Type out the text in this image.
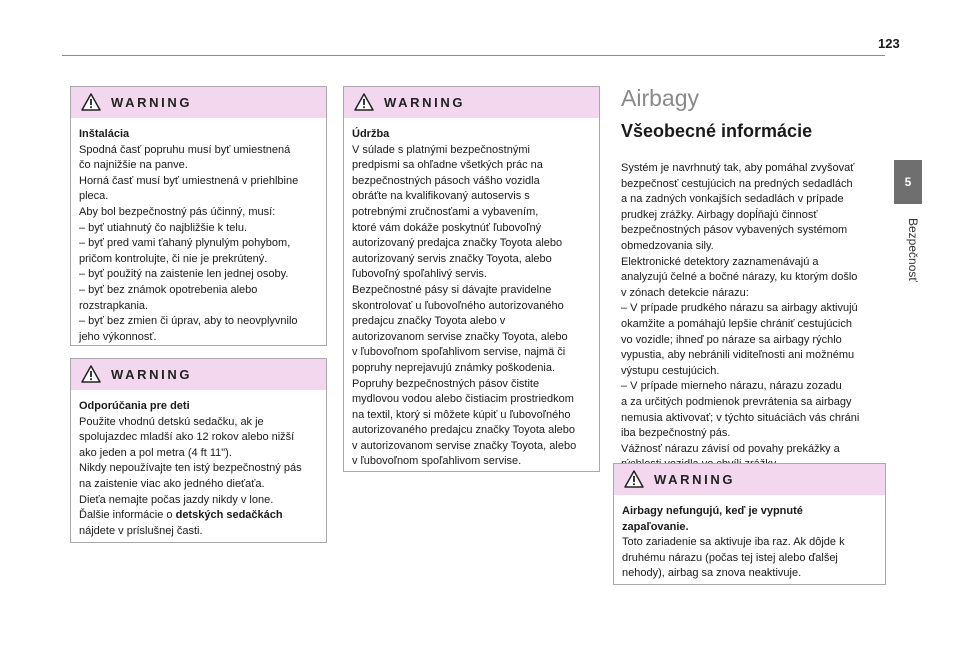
123
5
Bezpečnosť
WARNING

Inštalácia

Spodná časť popruhu musí byť umiestnená

čo najnižšie na panve.

Horná časť musí byť umiestnená v priehlbine

pleca.

Aby bol bezpečnostný pás účinný, musí:

– byť utiahnutý čo najbližšie k telu.

– byť pred vami ťahaný plynulým pohybom,

pričom kontrolujte, či nie je prekrútený.

– byť použitý na zaistenie len jednej osoby.

– byť bez známok opotrebenia alebo

rozstrapkania.

– byť bez zmien či úprav, aby to neovplyvnilo

jeho výkonnosť.

WARNING

Odporúčania pre deti

Použite vhodnú detskú sedačku, ak je

spolujazdec mladší ako 12 rokov alebo nižší

ako jeden a pol metra (4 ft 11").

Nikdy nepoužívajte ten istý bezpečnostný pás

na zaistenie viac ako jedného dieťaťa.

Dieťa nemajte počas jazdy nikdy v lone.

Ďalšie informácie o detských sedačkách

nájdete v príslušnej časti.

WARNING

Údržba

V súlade s platnými bezpečnostnými

predpismi sa ohľadne všetkých prác na

bezpečnostných pásoch vášho vozidla

obráťte na kvalifikovaný autoservis s

potrebnými zručnosťami a vybavením,

ktoré vám dokáže poskytnúť ľubovoľný

autorizovaný predajca značky Toyota alebo

autorizovaný servis značky Toyota, alebo

ľubovoľný spoľahlivý servis.

Bezpečnostné pásy si dávajte pravidelne

skontrolovať u ľubovoľného autorizovaného

predajcu značky Toyota alebo v

autorizovanom servise značky Toyota, alebo

v ľubovoľnom spoľahlivom servise, najmä či

popruhy neprejavujú známky poškodenia.

Popruhy bezpečnostných pásov čistite

mydlovou vodou alebo čistiacim prostriedkom

na textil, ktorý si môžete kúpiť u ľubovoľného

autorizovaného predajcu značky Toyota alebo

v autorizovanom servise značky Toyota, alebo

v ľubovoľnom spoľahlivom servise.

Airbagy
Všeobecné informácie

Systém je navrhnutý tak, aby pomáhal zvyšovať

bezpečnosť cestujúcich na predných sedadlách

a na zadných vonkajších sedadlách v prípade

prudkej zrážky. Airbagy dopĺňajú činnosť

bezpečnostných pásov vybavených systémom

obmedzovania sily.

Elektronické detektory zaznamenávajú a

analyzujú čelné a bočné nárazy, ku ktorým došlo

v zónach detekcie nárazu:

– V prípade prudkého nárazu sa airbagy aktivujú

okamžite a pomáhajú lepšie chrániť cestujúcich

vo vozidle; ihneď po náraze sa airbagy rýchlo

vypustia, aby nebránili viditeľnosti ani možnému

výstupu cestujúcich.

– V prípade mierneho nárazu, nárazu zozadu

a za určitých podmienok prevrátenia sa airbagy

nemusia aktivovať; v týchto situáciách vás chráni

iba bezpečnostný pás.

Vážnosť nárazu závisí od povahy prekážky a

WARNING

Airbagy nefungujú, keď je vypnuté

zapaľovanie.

Toto zariadenie sa aktivuje iba raz. Ak dôjde k

druhému nárazu (počas tej istej alebo ďalšej

nehody), airbag sa znova neaktivuje.
